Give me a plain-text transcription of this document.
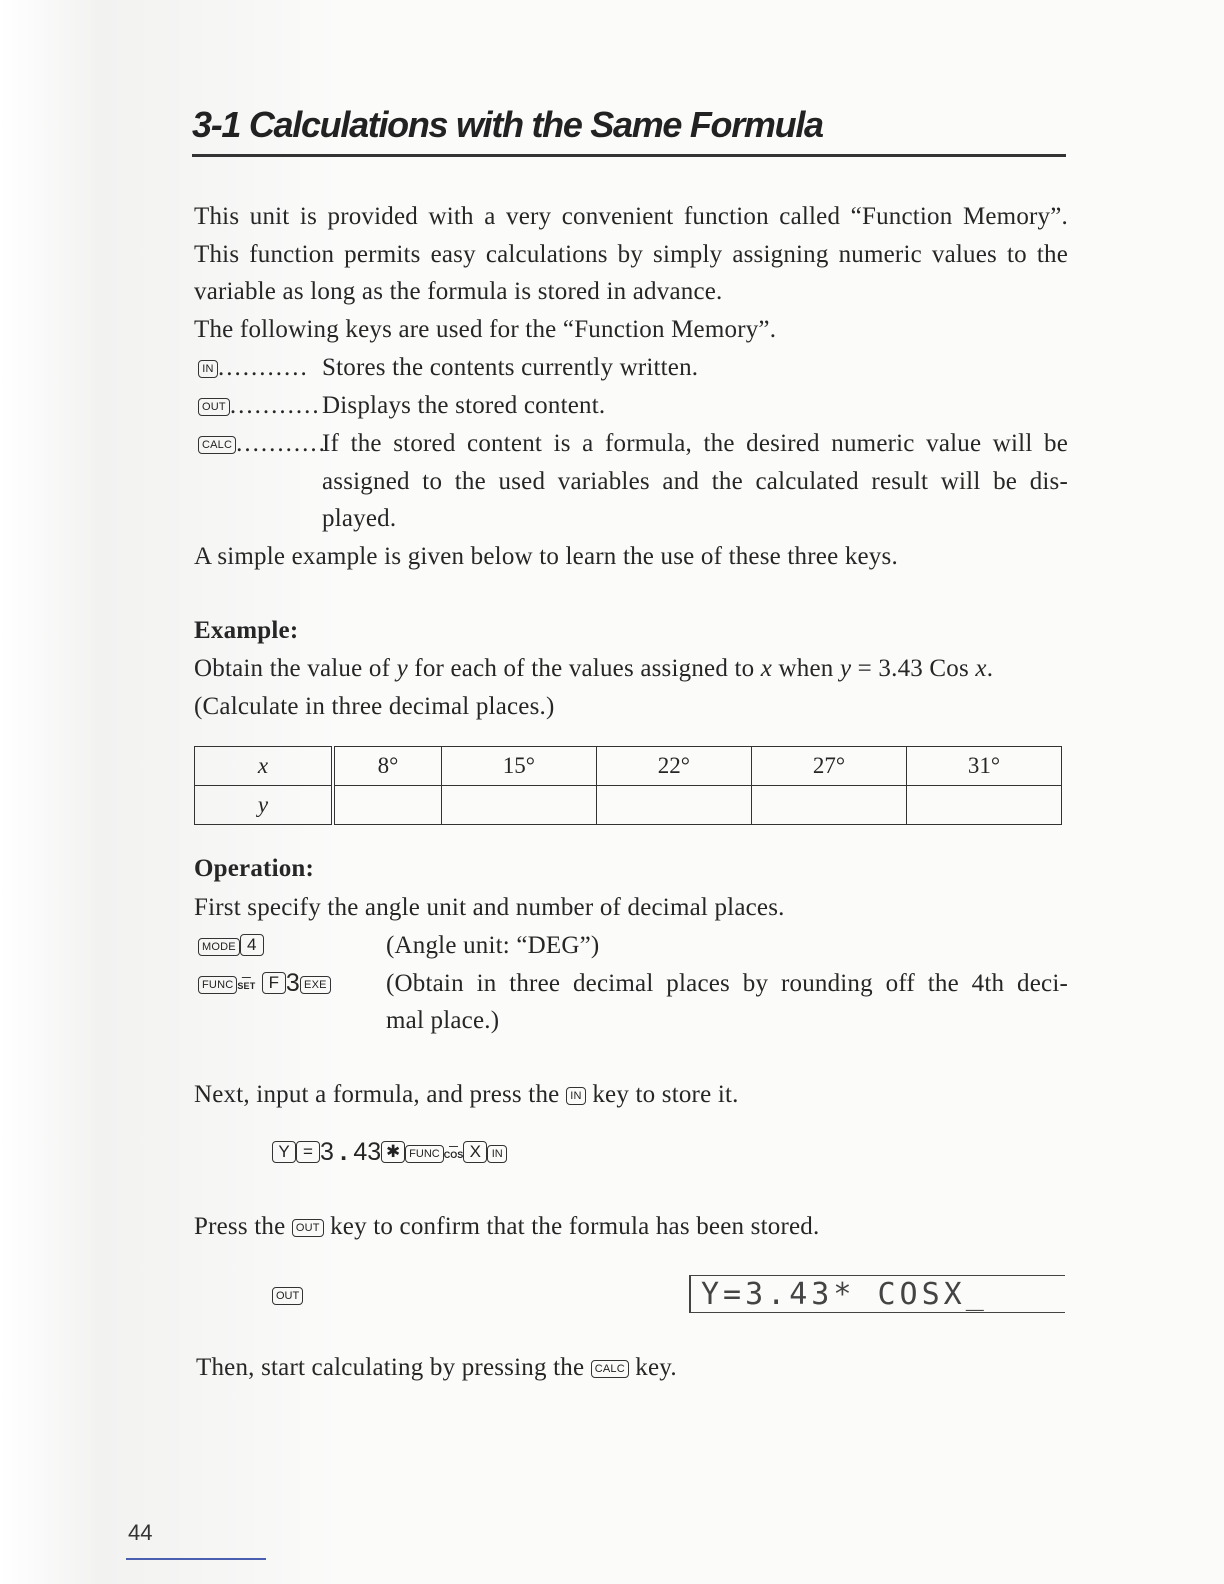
3-1 Calculations with the Same Formula

This unit is provided with a very convenient function called “Function Memory”. This function permits easy calculations by simply assigning numeric values to the variable as long as the formula is stored in advance.

The following keys are used for the “Function Memory”.
IN ........... Stores the contents currently written.
OUT ........... Displays the stored content.
CALC ...........
If the stored content is a formula, the desired numeric value will be
assigned to the used variables and the calculated result will be dis-
played.
A simple example is given below to learn the use of these three keys.
Example:
Obtain the value of y for each of the values assigned to x when y = 3.43 Cos x.
(Calculate in three decimal places.)
x	8°	15°	22°	27°	31°
y					
Operation:
First specify the angle unit and number of decimal places.
MODE 4	(Angle unit: “DEG”)
FUNC
—
SET F 3 EXE (Obtain in three decimal places by rounding off the 4th deci-
mal place.)
Next, input a formula, and press the IN key to store it.
Y = 3 . 43 ✱ FUNC
—
COS X IN
Press the OUT key to confirm that the formula has been stored.
OUT	Y=3.43* COSX_
Then, start calculating by pressing the CALC key.
44
